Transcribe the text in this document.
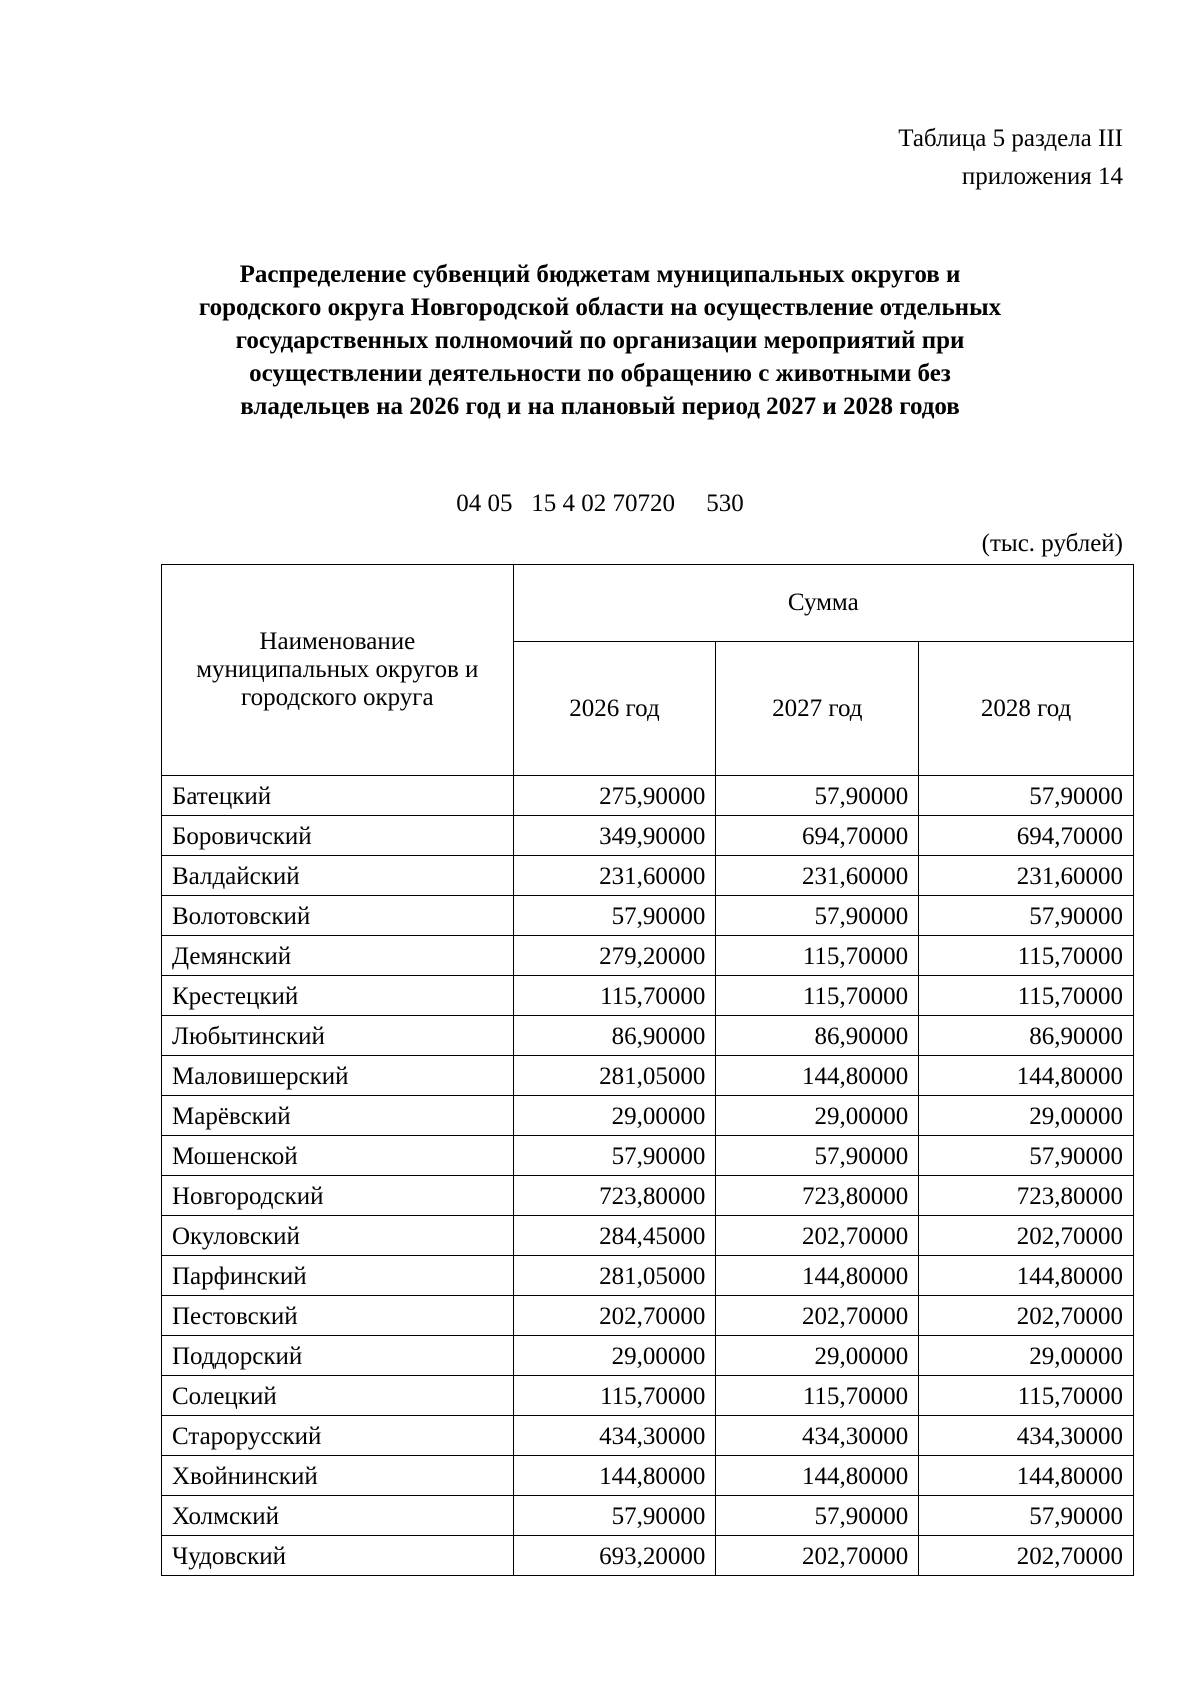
Таблица 5 раздела III
приложения 14
Распределение субвенций бюджетам муниципальных округов и
городского округа Новгородской области на осуществление отдельных
государственных полномочий по организации мероприятий при
осуществлении деятельности по обращению с животными без
владельцев на 2026 год и на плановый период 2027 и 2028 годов
04 05   15 4 02 70720     530
(тыс. рублей)
Наименование муниципальных округов и городского округа	Сумма		
	2026 год	2027 год	2028 год
Батецкий	275,90000	57,90000	57,90000
Боровичский	349,90000	694,70000	694,70000
Валдайский	231,60000	231,60000	231,60000
Волотовский	57,90000	57,90000	57,90000
Демянский	279,20000	115,70000	115,70000
Крестецкий	115,70000	115,70000	115,70000
Любытинский	86,90000	86,90000	86,90000
Маловишерский	281,05000	144,80000	144,80000
Марёвский	29,00000	29,00000	29,00000
Мошенской	57,90000	57,90000	57,90000
Новгородский	723,80000	723,80000	723,80000
Окуловский	284,45000	202,70000	202,70000
Парфинский	281,05000	144,80000	144,80000
Пестовский	202,70000	202,70000	202,70000
Поддорский	29,00000	29,00000	29,00000
Солецкий	115,70000	115,70000	115,70000
Старорусский	434,30000	434,30000	434,30000
Хвойнинский	144,80000	144,80000	144,80000
Холмский	57,90000	57,90000	57,90000
Чудовский	693,20000	202,70000	202,70000
